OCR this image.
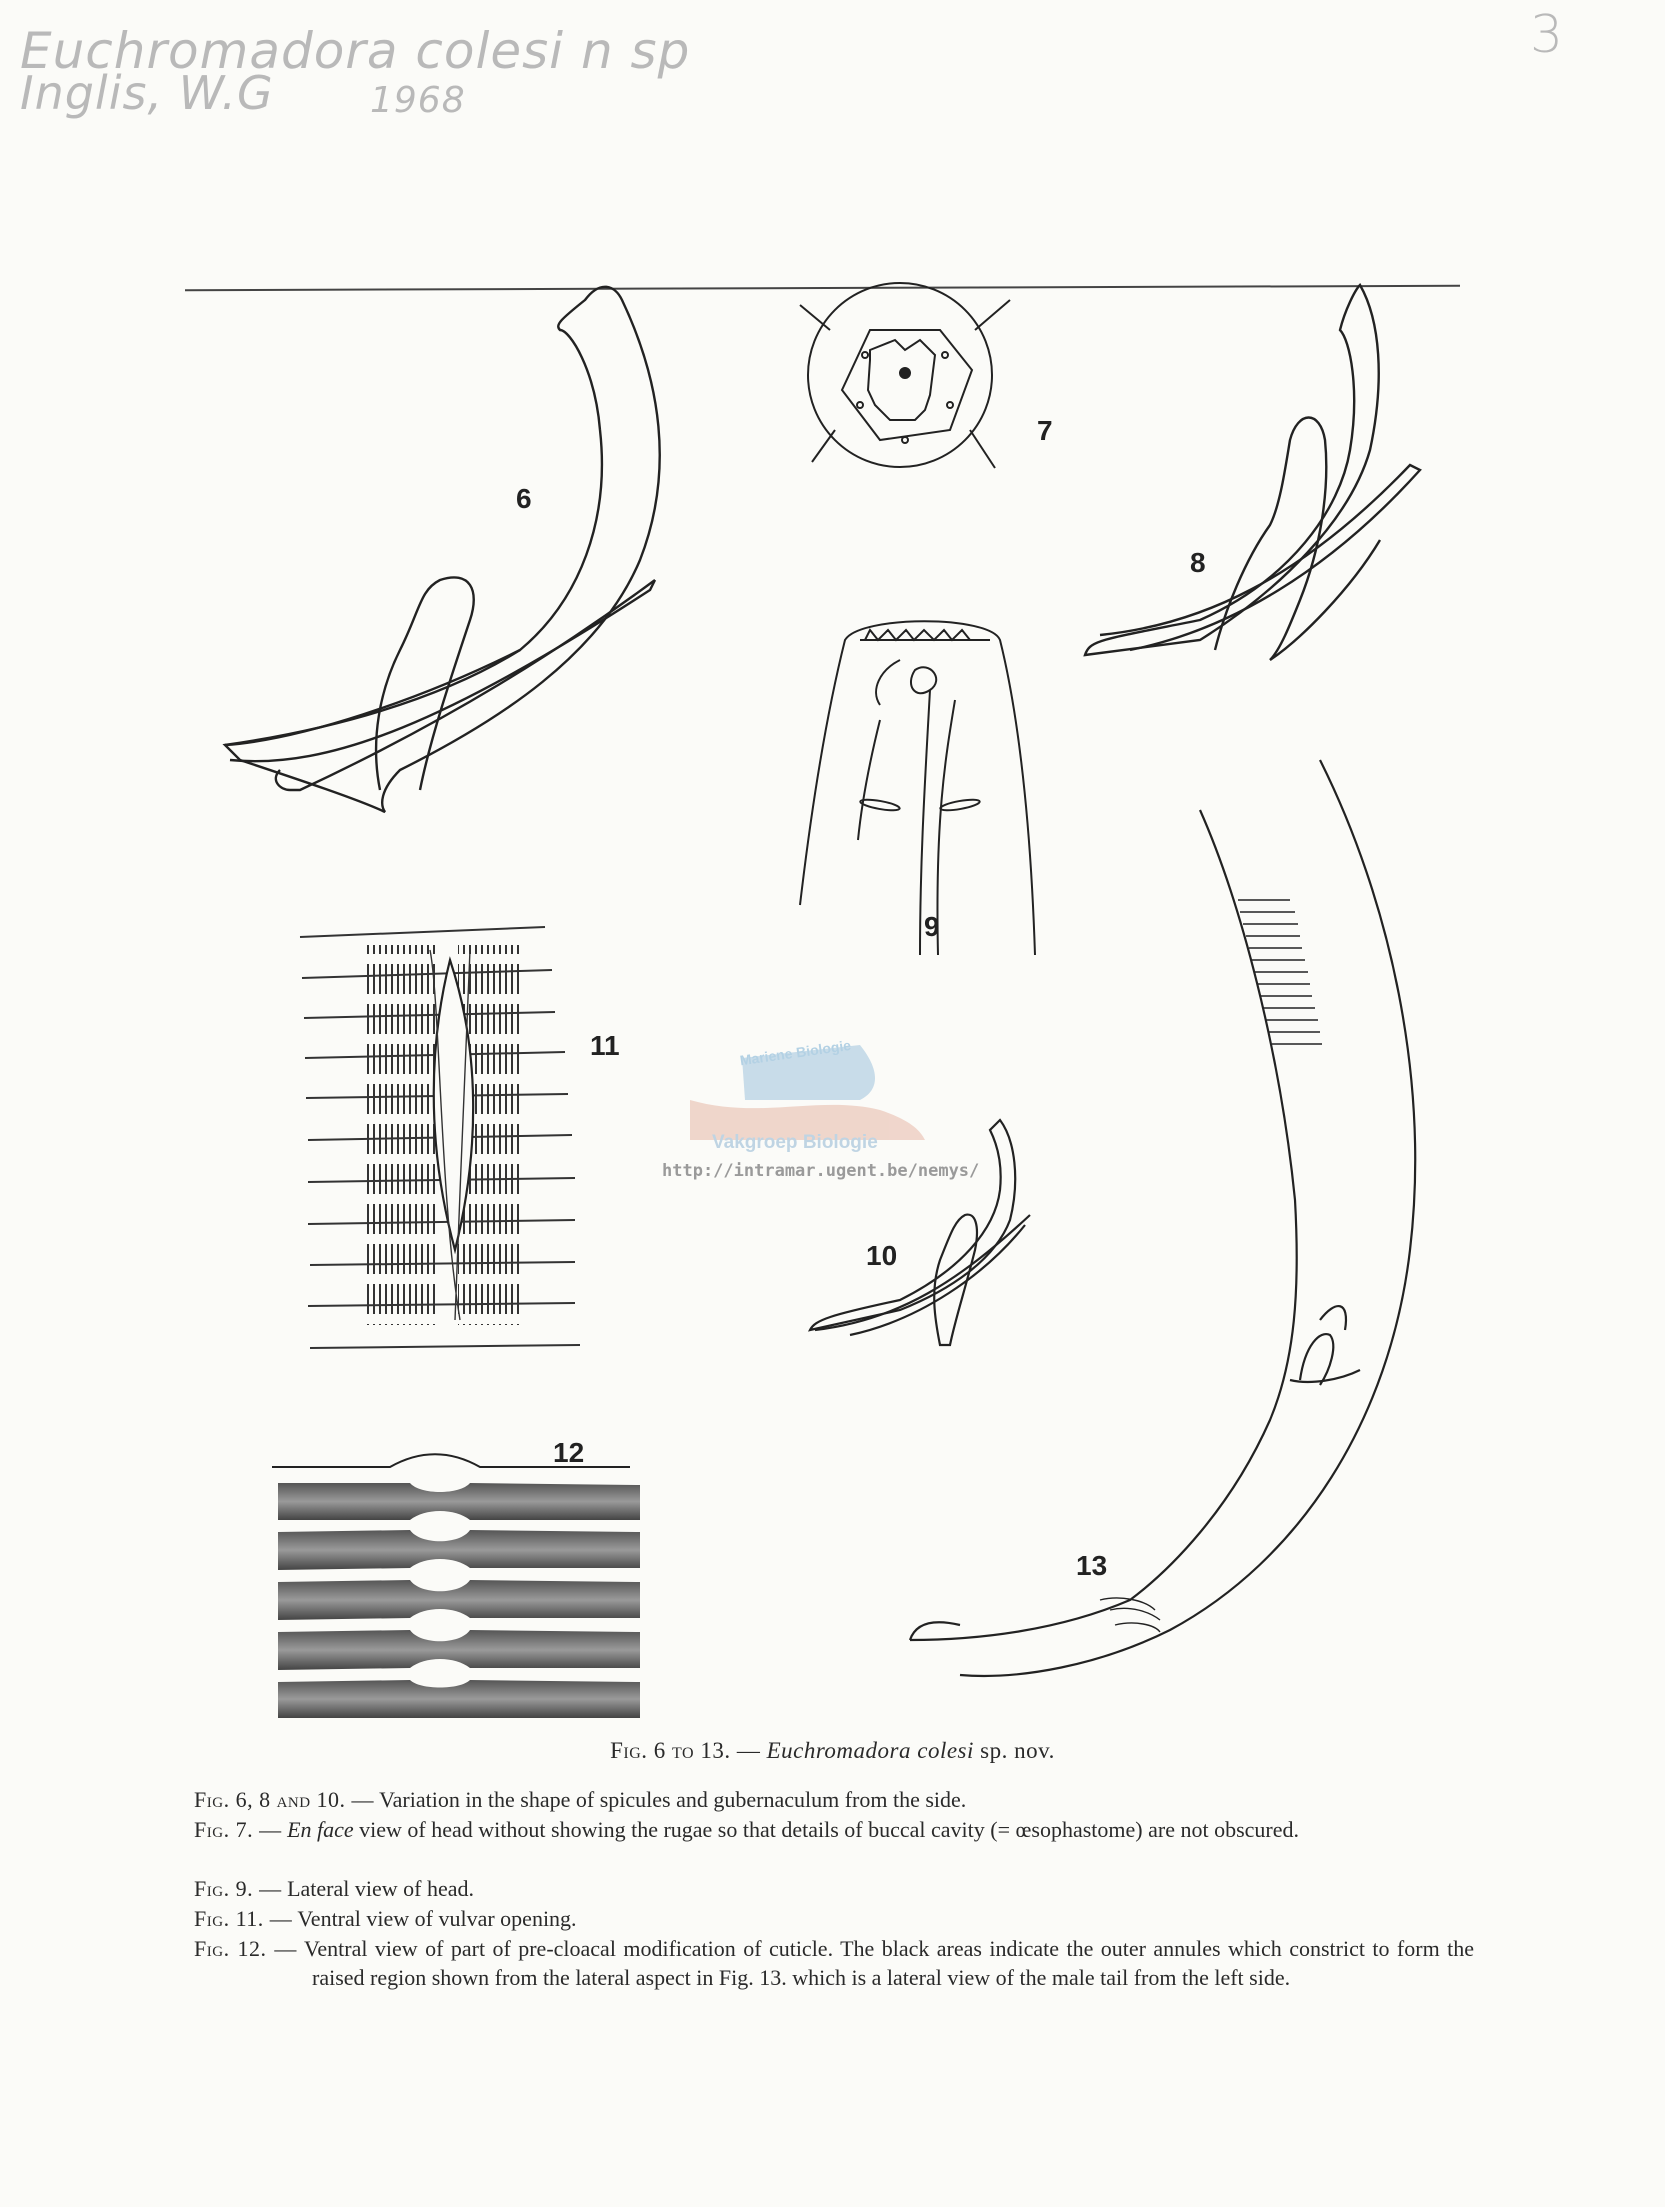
Euchromadora colesi n sp
Inglis, W.G	1968
3
6
7
8
9
11	Mariene Biologie
Vakgroep Biologie
http://intramar.ugent.be/nemys/
10
12
13
Fig. 6 to 13. — Euchromadora colesi sp. nov.
Fig. 6, 8 and 10. — Variation in the shape of spicules and gubernaculum from the side.
Fig. 7. — En face view of head without showing the rugae so that details of buccal cavity (= œsophastome) are not obscured.
Fig. 9. — Lateral view of head.
Fig. 11. — Ventral view of vulvar opening.
Fig. 12. — Ventral view of part of pre-cloacal modification of cuticle. The black areas indicate the outer annules which constrict to form the raised region shown from the lateral aspect in Fig. 13. which is a lateral view of the male tail from the left side.
